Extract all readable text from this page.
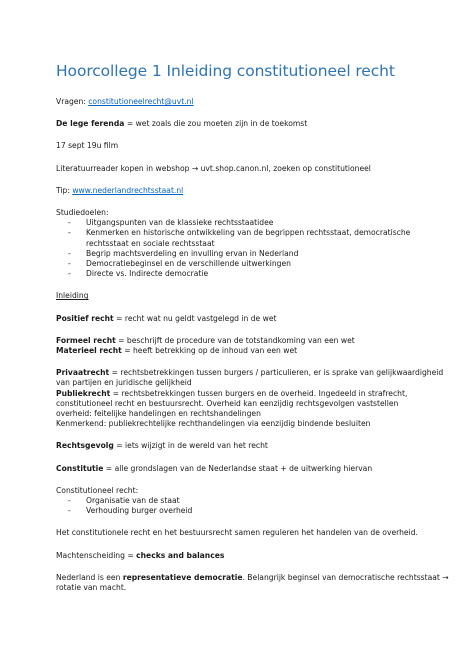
Hoorcollege 1 Inleiding constitutioneel recht

Vragen: constitutioneelrecht@uvt.nl

De lege ferenda = wet zoals die zou moeten zijn in de toekomst

17 sept 19u film

Literatuurreader kopen in webshop → uvt.shop.canon.nl, zoeken op constitutioneel

Tip: www.nederlandrechtsstaat.nl

Studiedoelen:

- Uitgangspunten van de klassieke rechtsstaatidee
- Kenmerken en historische ontwikkeling van de begrippen rechtsstaat, democratische
rechtsstaat en sociale rechtsstaat
- Begrip machtsverdeling en invulling ervan in Nederland
- Democratiebeginsel en de verschillende uitwerkingen
- Directe vs. Indirecte democratie

Inleiding

Positief recht = recht wat nu geldt vastgelegd in de wet

Formeel recht = beschrijft de procedure van de totstandkoming van een wet

Materieel recht = heeft betrekking op de inhoud van een wet

Privaatrecht = rechtsbetrekkingen tussen burgers / particulieren, er is sprake van gelijkwaardigheid

van partijen en juridische gelijkheid

Publiekrecht = rechtsbetrekkingen tussen burgers en de overheid. Ingedeeld in strafrecht,

constitutioneel recht en bestuursrecht. Overheid kan eenzijdig rechtsgevolgen vaststellen

overheid: feitelijke handelingen en rechtshandelingen

Kenmerkend: publiekrechtelijke rechthandelingen via eenzijdig bindende besluiten

Rechtsgevolg = iets wijzigt in de wereld van het recht

Constitutie = alle grondslagen van de Nederlandse staat + de uitwerking hiervan

Constitutioneel recht:

- Organisatie van de staat
- Verhouding burger overheid

Het constitutionele recht en het bestuursrecht samen reguleren het handelen van de overheid.

Machtenscheiding = checks and balances

Nederland is een representatieve democratie. Belangrijk beginsel van democratische rechtsstaat →

rotatie van macht.
